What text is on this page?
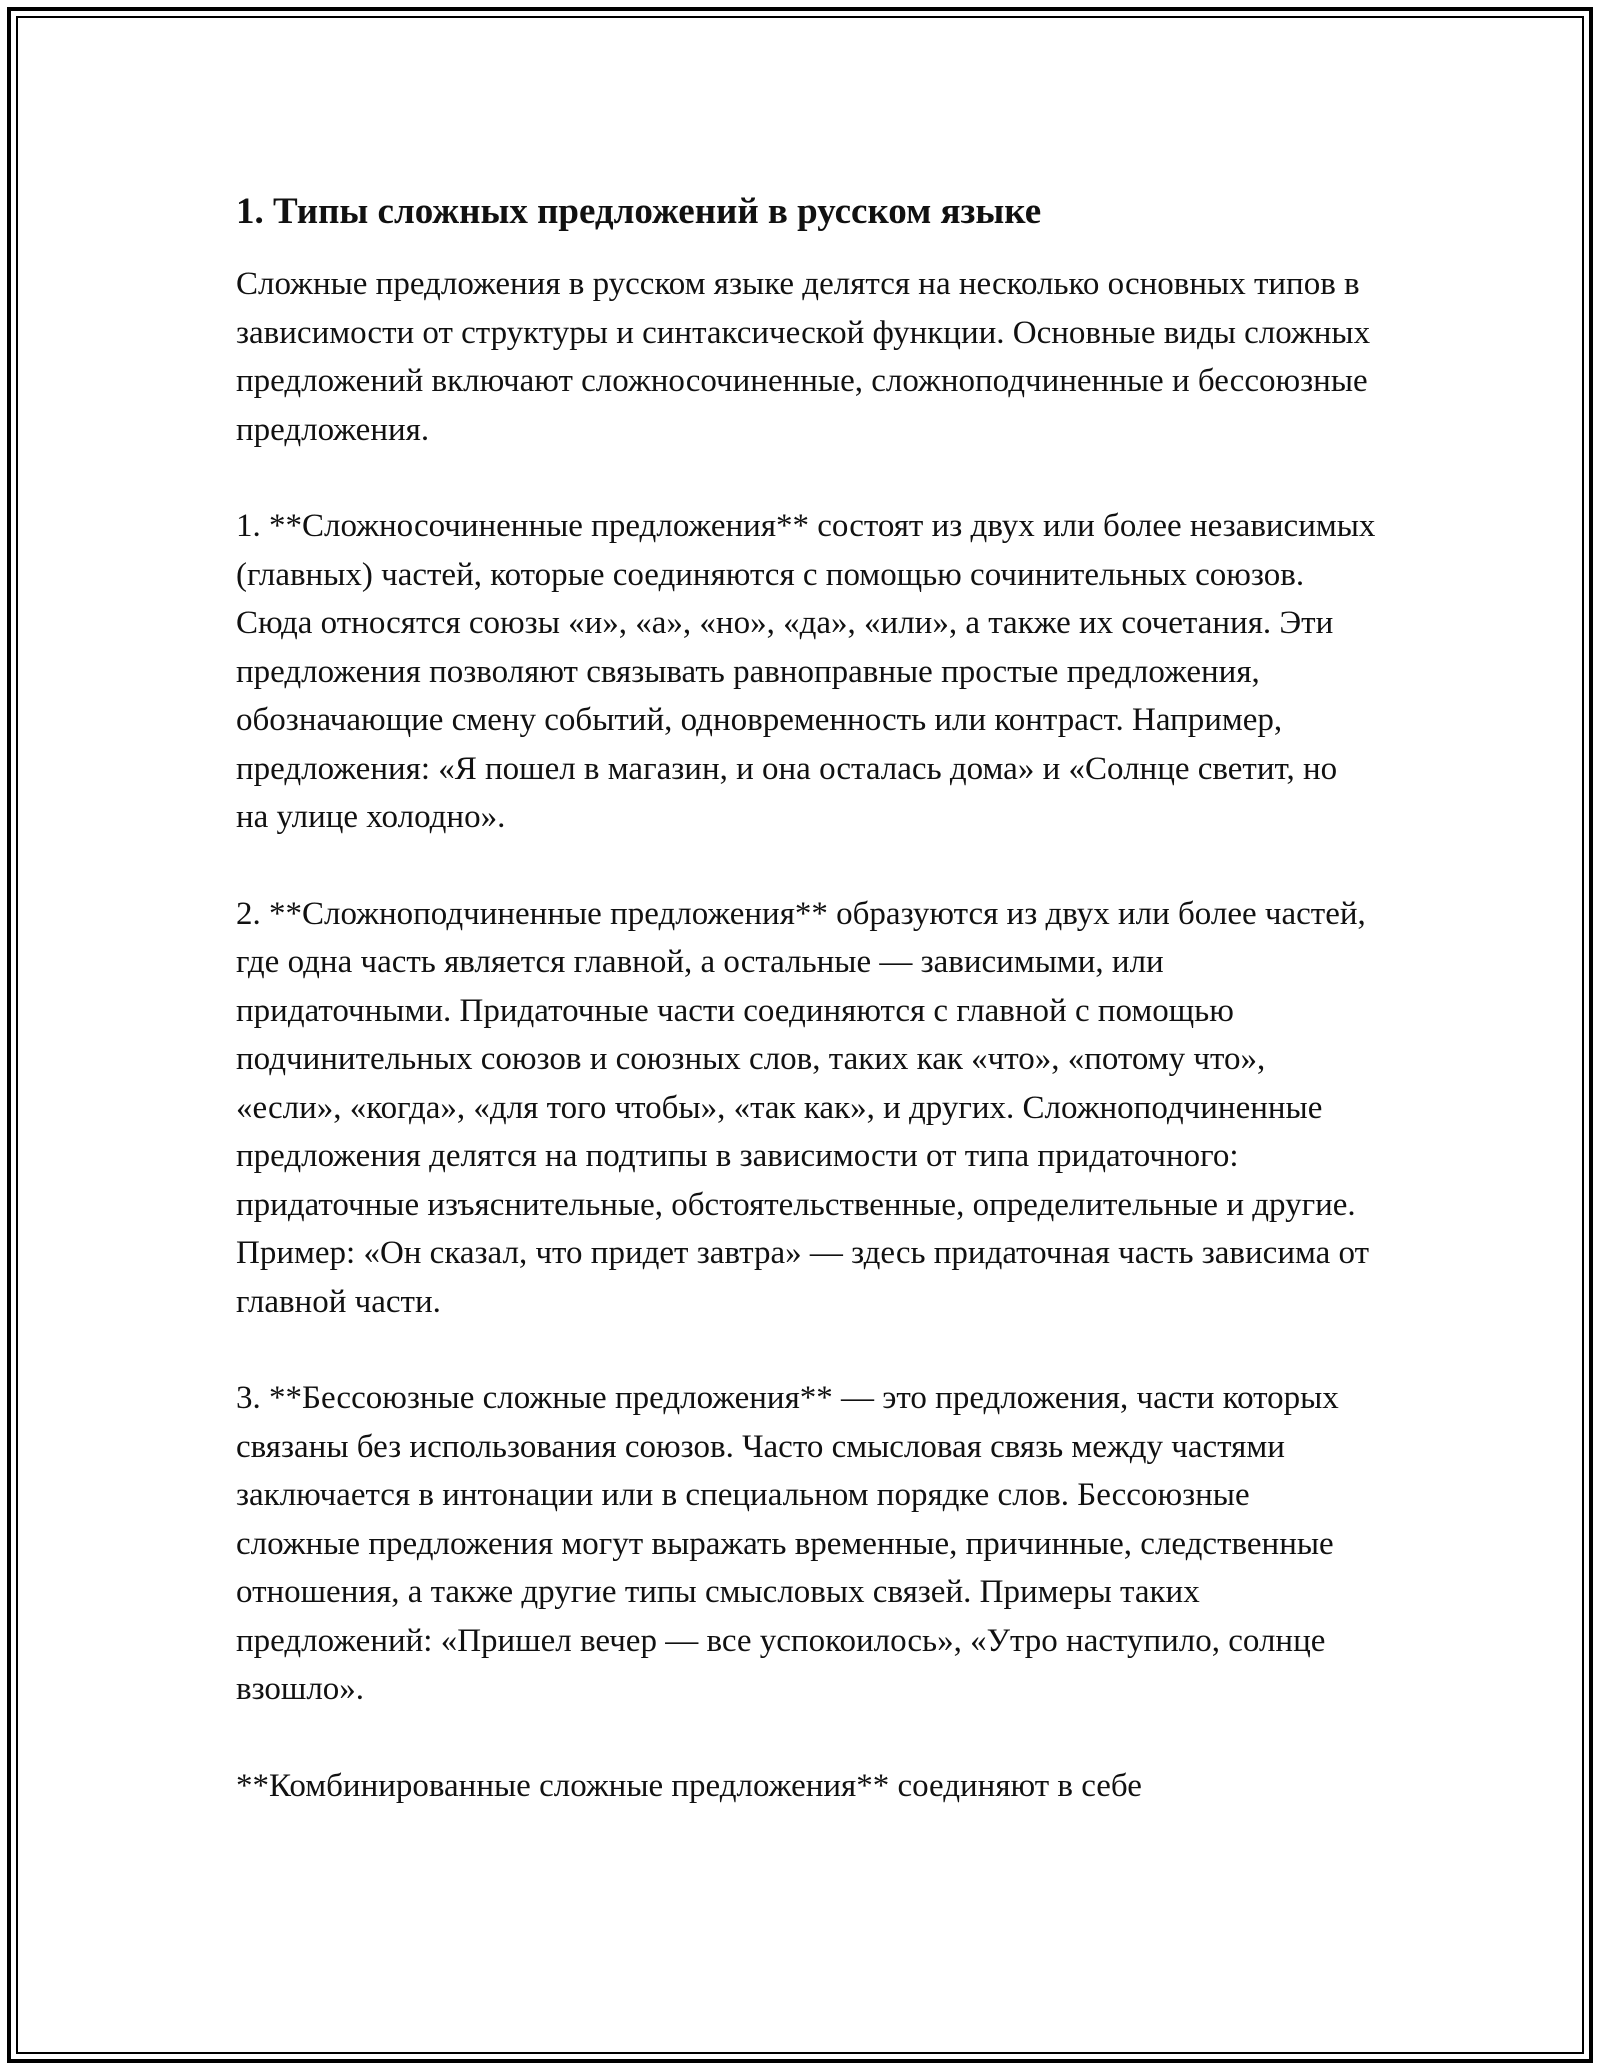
1. Типы сложных предложений в русском языке

Сложные предложения в русском языке делятся на несколько основных типов в зависимости от структуры и синтаксической функции. Основные виды сложных предложений включают сложносочиненные, сложноподчиненные и бессоюзные предложения.

1. **Сложносочиненные предложения** состоят из двух или более независимых (главных) частей, которые соединяются с помощью сочинительных союзов. Сюда относятся союзы «и», «а», «но», «да», «или», а также их сочетания. Эти предложения позволяют связывать равноправные простые предложения, обозначающие смену событий, одновременность или контраст. Например, предложения: «Я пошел в магазин, и она осталась дома» и «Солнце светит, но на улице холодно».

2. **Сложноподчиненные предложения** образуются из двух или более частей, где одна часть является главной, а остальные — зависимыми, или придаточными. Придаточные части соединяются с главной с помощью подчинительных союзов и союзных слов, таких как «что», «потому что», «если», «когда», «для того чтобы», «так как», и других. Сложноподчиненные предложения делятся на подтипы в зависимости от типа придаточного: придаточные изъяснительные, обстоятельственные, определительные и другие. Пример: «Он сказал, что придет завтра» — здесь придаточная часть зависима от главной части.

3. **Бессоюзные сложные предложения** — это предложения, части которых связаны без использования союзов. Часто смысловая связь между частями заключается в интонации или в специальном порядке слов. Бессоюзные сложные предложения могут выражать временные, причинные, следственные отношения, а также другие типы смысловых связей. Примеры таких предложений: «Пришел вечер — все успокоилось», «Утро наступило, солнце взошло».

**Комбинированные сложные предложения** соединяют в себе
